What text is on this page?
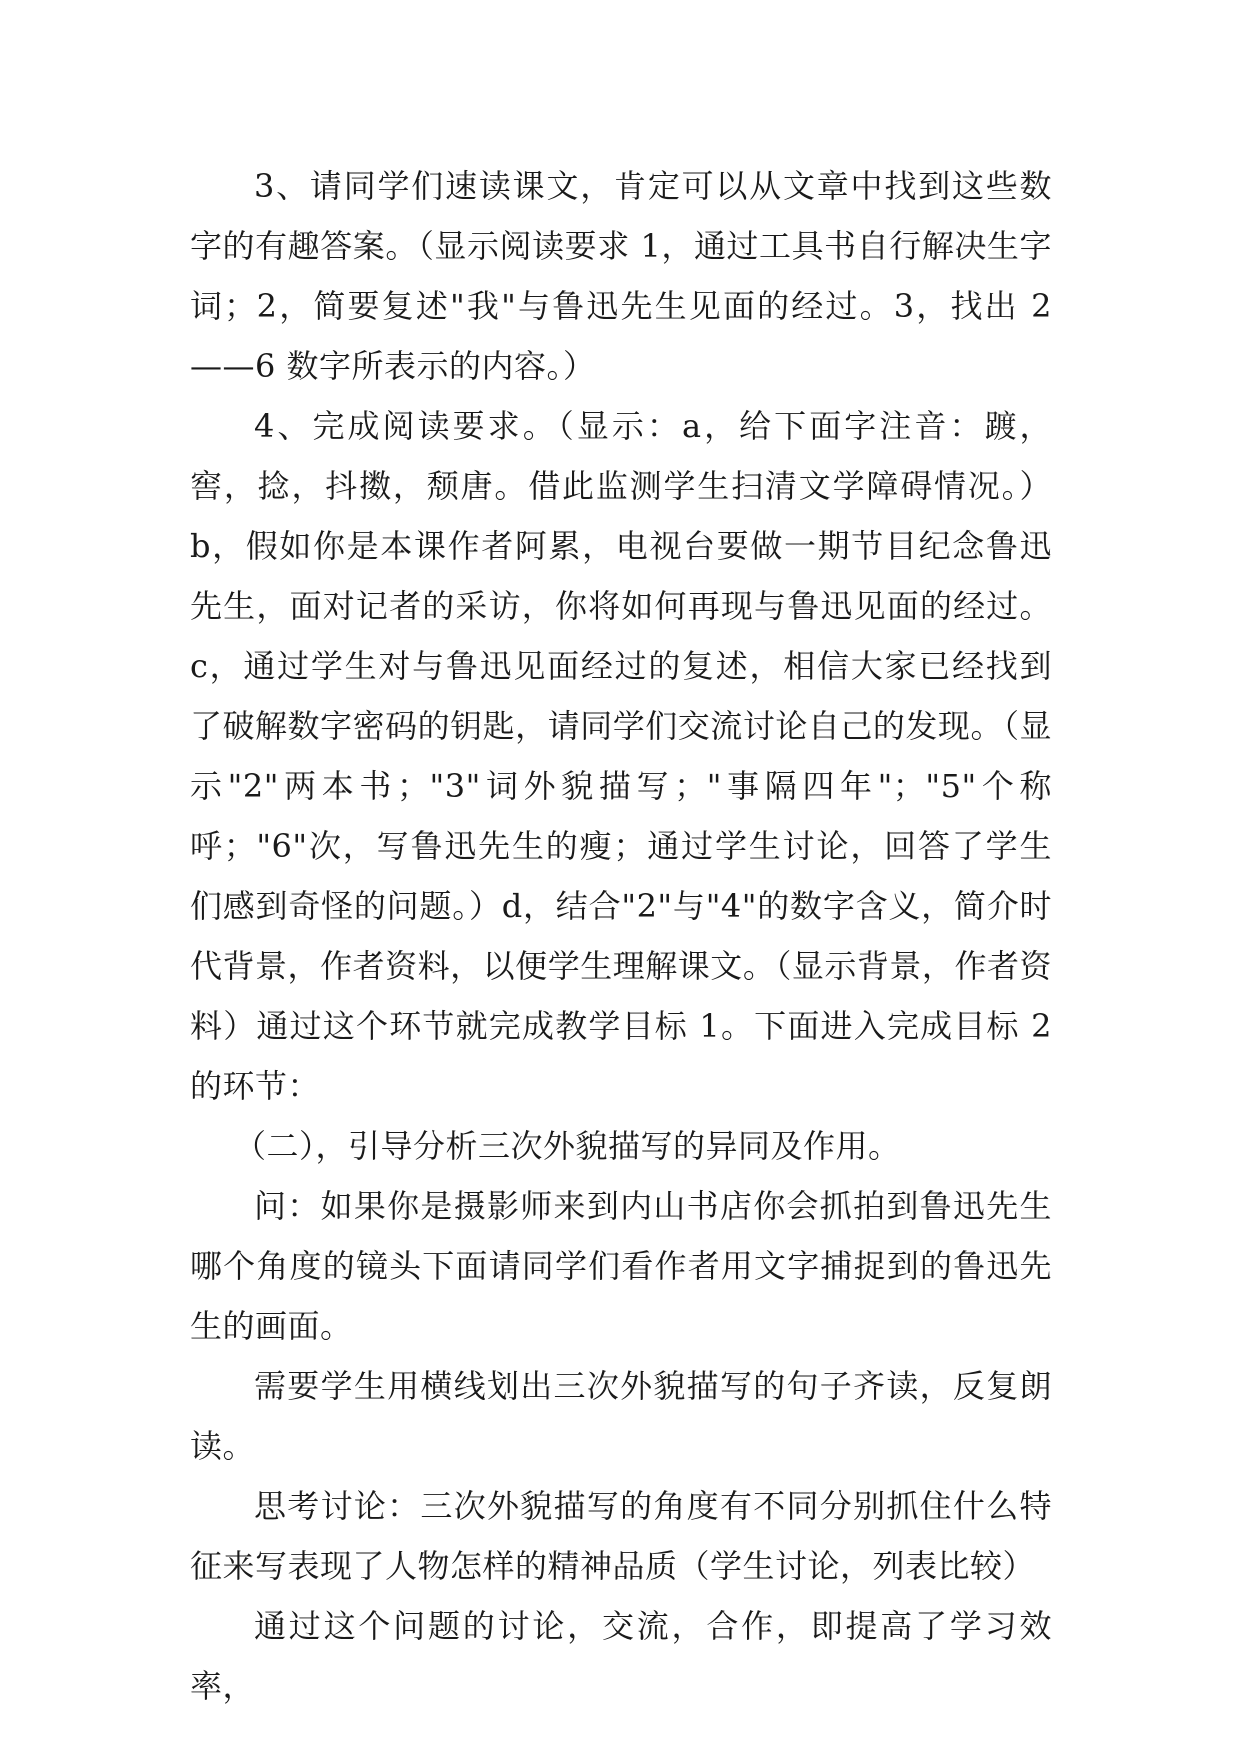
3、请同学们速读课文，肯定可以从文章中找到这些数字的有趣答案。（显示阅读要求 1，通过工具书自行解决生字词；2，简要复述"我"与鲁迅先生见面的经过。3，找出 2——6 数字所表示的内容。）

4、完成阅读要求。（显示：a，给下面字注音：踱，窖，捻，抖擞，颓唐。借此监测学生扫清文学障碍情况。）b，假如你是本课作者阿累，电视台要做一期节目纪念鲁迅先生，面对记者的采访，你将如何再现与鲁迅见面的经过。c，通过学生对与鲁迅见面经过的复述，相信大家已经找到了破解数字密码的钥匙，请同学们交流讨论自己的发现。（显示"2"两本书；"3"词外貌描写；"事隔四年"；"5"个称呼；"6"次，写鲁迅先生的瘦；通过学生讨论，回答了学生们感到奇怪的问题。）d，结合"2"与"4"的数字含义，简介时代背景，作者资料，以便学生理解课文。（显示背景，作者资料）通过这个环节就完成教学目标 1。下面进入完成目标 2 的环节：

（二），引导分析三次外貌描写的异同及作用。

问：如果你是摄影师来到内山书店你会抓拍到鲁迅先生哪个角度的镜头下面请同学们看作者用文字捕捉到的鲁迅先生的画面。

需要学生用横线划出三次外貌描写的句子齐读，反复朗读。

思考讨论：三次外貌描写的角度有不同分别抓住什么特征来写表现了人物怎样的精神品质（学生讨论，列表比较）

通过这个问题的讨论，交流，合作，即提高了学习效率，
